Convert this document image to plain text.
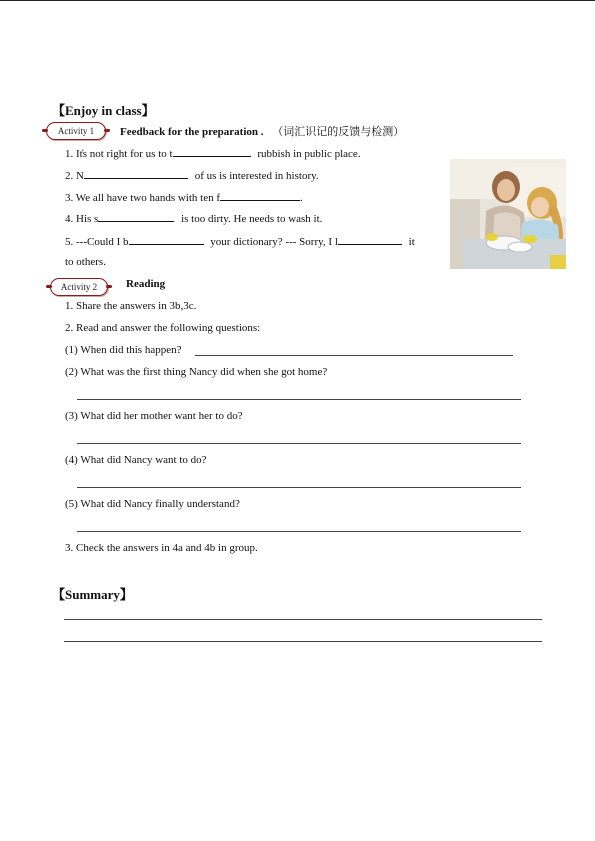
【Enjoy in class】
Activity 1 Feedback for the preparation . （词汇识记的反馈与检测）
1. It̓s not right for us to t	rubbish in public place.
2. N	of us is interested in history.
3. We all have two hands with ten f	.
4. His s	is too dirty. He needs to wash it.
5. ---Could I b	your dictionary? --- Sorry, I l	it
to others.
Activity 2	Reading
1. Share the answers in 3b,3c.
2. Read and answer the following questions:
(1) When did this happen?
(2) What was the first thing Nancy did when she got home?
(3) What did her mother want her to do?
(4) What did Nancy want to do?
(5) What did Nancy finally understand?
3. Check the answers in 4a and 4b in group.
【Summary】
